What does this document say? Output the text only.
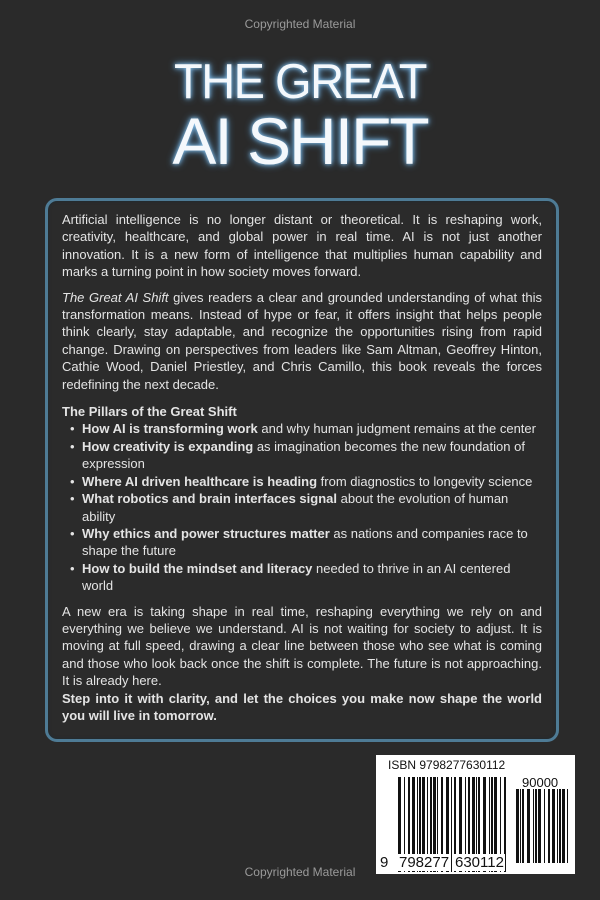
Copyrighted Material
THE GREAT
AI SHIFT

Artificial intelligence is no longer distant or theoretical. It is reshaping work, creativity, healthcare, and global power in real time. AI is not just another innovation. It is a new form of intelligence that multiplies human capability and marks a turning point in how society moves forward.

The Great AI Shift gives readers a clear and grounded understanding of what this transformation means. Instead of hype or fear, it offers insight that helps people think clearly, stay adaptable, and recognize the opportunities rising from rapid change. Drawing on perspectives from leaders like Sam Altman, Geoffrey Hinton, Cathie Wood, Daniel Priestley, and Chris Camillo, this book reveals the forces redefining the next decade.

The Pillars of the Great Shift
• How AI is transforming work and why human judgment remains at the center
• How creativity is expanding as imagination becomes the new foundation of expression
• Where AI driven healthcare is heading from diagnostics to longevity science
• What robotics and brain interfaces signal about the evolution of human ability
• Why ethics and power structures matter as nations and companies race to shape the future
• How to build the mindset and literacy needed to thrive in an AI centered world

A new era is taking shape in real time, reshaping everything we rely on and everything we believe we understand. AI is not waiting for society to adjust. It is moving at full speed, drawing a clear line between those who see what is coming and those who look back once the shift is complete. The future is not approaching. It is already here.

Step into it with clarity, and let the choices you make now shape the world you will live in tomorrow.

ISBN 9798277630112
90000
9 798277 630112
Copyrighted Material
